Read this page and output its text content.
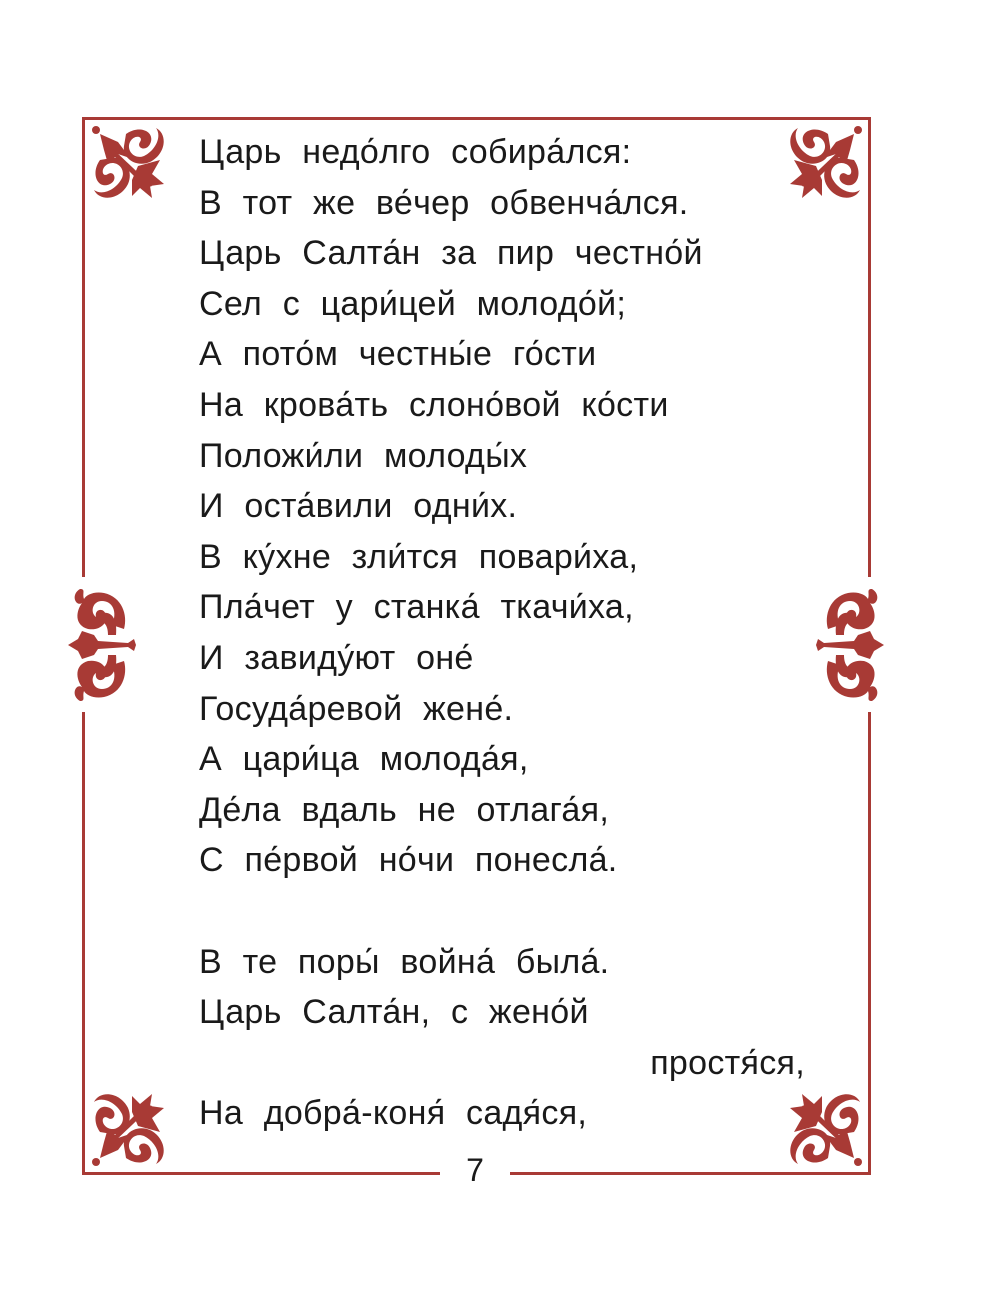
Царь недо́лго собира́лся:
В тот же ве́чер обвенча́лся.
Царь Салта́н за пир честно́й
Сел с цари́цей молодо́й;
А пото́м честны́е го́сти
На крова́ть слоно́вой ко́сти
Положи́ли молоды́х
И оста́вили одни́х.
В ку́хне зли́тся повари́ха,
Пла́чет у станка́ ткачи́ха,
И завиду́ют оне́
Госуда́ревой жене́.
А цари́ца молода́я,
Де́ла вдаль не отлага́я,
С пе́рвой но́чи понесла́.
В те поры́ война́ была́.
Царь Салта́н, с жено́й
простя́ся,
На добра́-коня́ садя́ся,
7
